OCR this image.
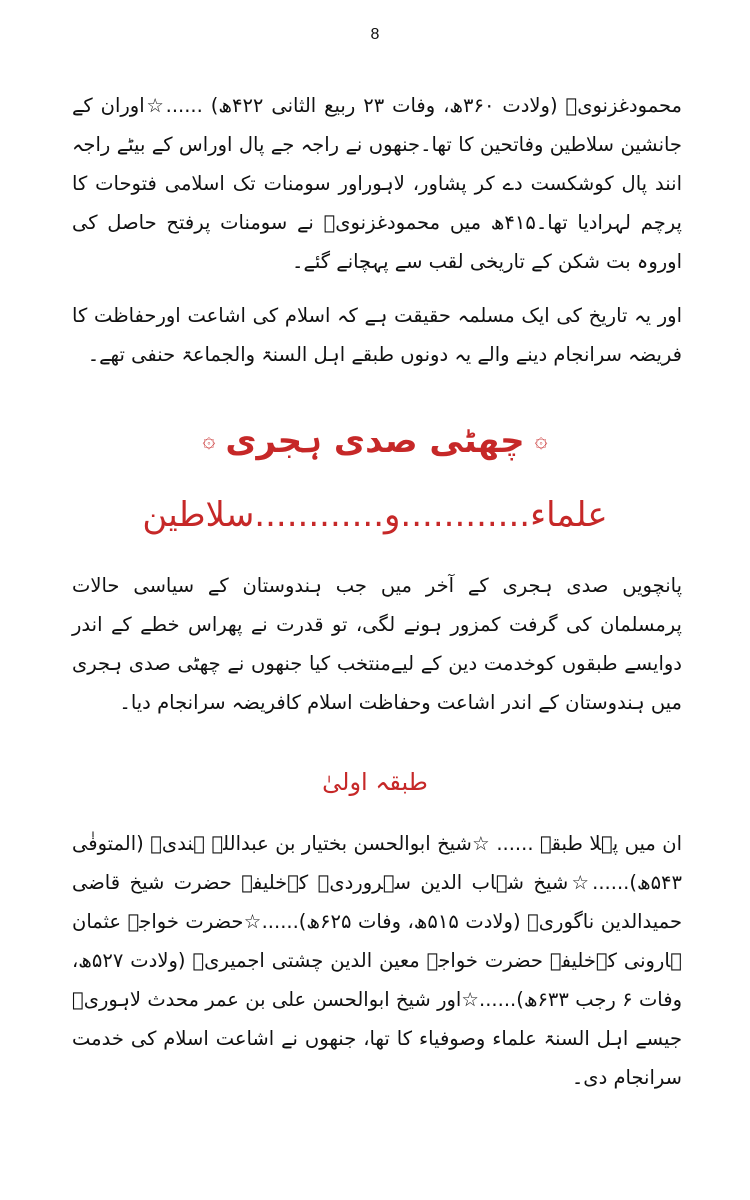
8

محمودغزنویؒ (ولادت ۳۶۰ھ، وفات ۲۳ ربیع الثانی ۴۲۲ھ) ......☆اوران کے جانشین سلاطین وفاتحین کا تھا۔جنھوں نے راجہ جے پال اوراس کے بیٹے راجہ انند پال کوشکست دے کر پشاور، لاہوراور سومنات تک اسلامی فتوحات کا پرچم لہرادیا تھا۔۴۱۵ھ میں محمودغزنویؒ نے سومنات پرفتح حاصل کی اوروہ بت شکن کے تاریخی لقب سے پہچانے گئے۔

اور یہ تاریخ کی ایک مسلمہ حقیقت ہے کہ اسلام کی اشاعت اورحفاظت کا فریضہ سرانجام دینے والے یہ دونوں طبقے اہل السنۃ والجماعۃ حنفی تھے۔

۞
چھٹی صدی ہجری
۞
علماء............و............سلاطین

پانچویں صدی ہجری کے آخر میں جب ہندوستان کے سیاسی حالات پرمسلمان کی گرفت کمزور ہونے لگی، تو قدرت نے پھراس خطے کے اندر دوایسے طبقوں کوخدمت دین کے لیےمنتخب کیا جنھوں نے چھٹی صدی ہجری میں ہندوستان کے اندر اشاعت وحفاظت اسلام کافریضہ سرانجام دیا۔

طبقہ اولیٰ

ان میں پہلا طبقہ ...... ☆شیخ ابوالحسن بختیار بن عبداللہ ہندیؒ (المتوفٰی ۵۴۳ھ)......☆شیخ شہاب الدین سہروردیؒ کےخلیفہ حضرت شیخ قاضی حمیدالدین ناگوریؒ (ولادت ۵۱۵ھ، وفات ۶۲۵ھ)......☆حضرت خواجہ عثمان ہارونی کےخلیفہ حضرت خواجہ معین الدین چشتی اجمیریؒ (ولادت ۵۲۷ھ، وفات ۶ رجب ۶۳۳ھ)......☆اور شیخ ابوالحسن علی بن عمر محدث لاہوریؒ جیسے اہل السنۃ علماء وصوفیاء کا تھا، جنھوں نے اشاعت اسلام کی خدمت سرانجام دی۔
